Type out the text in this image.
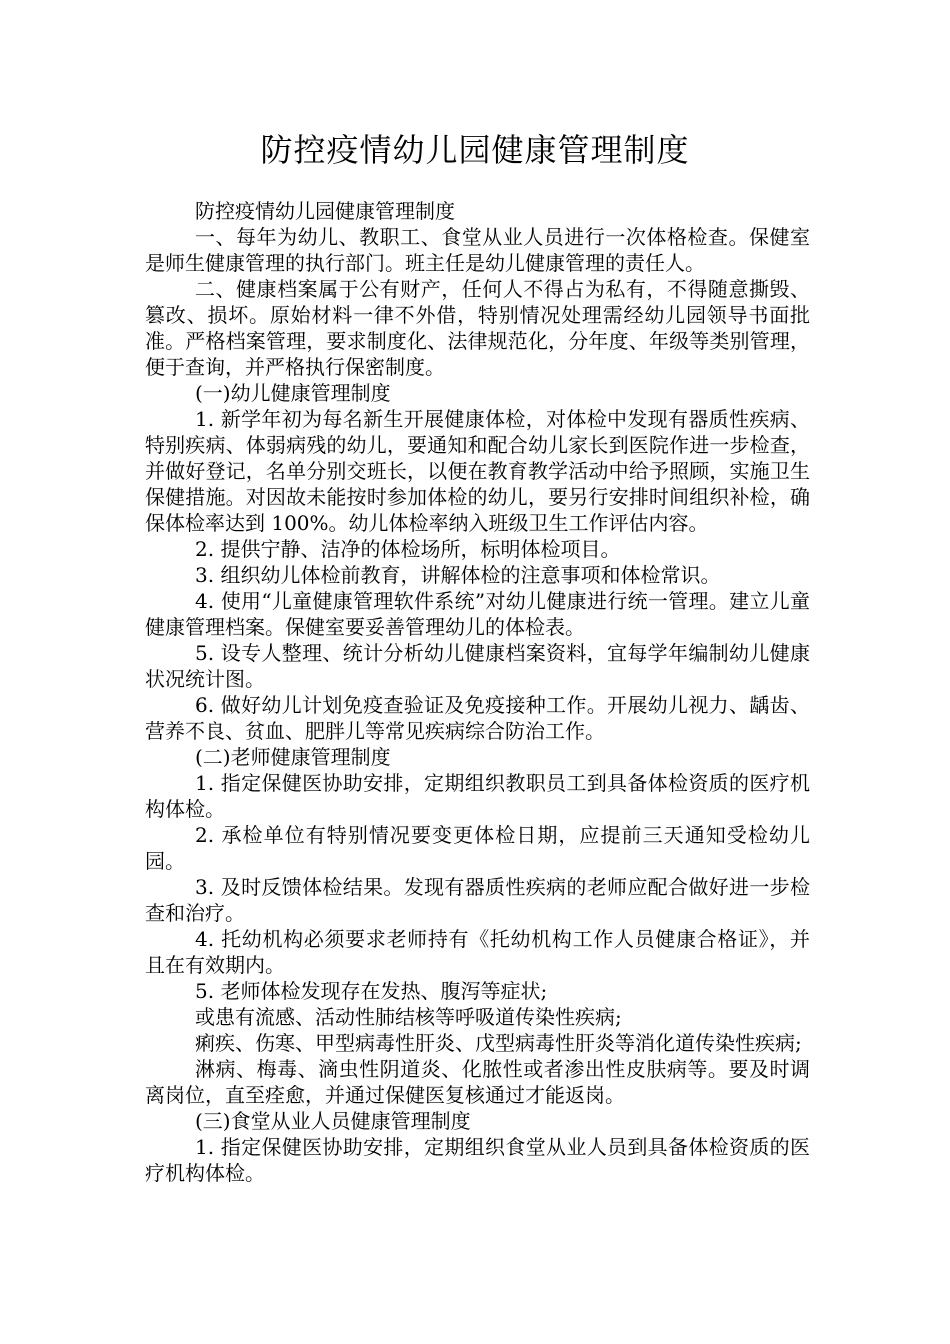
防控疫情幼儿园健康管理制度

防控疫情幼儿园健康管理制度

一、每年为幼儿、教职工、食堂从业人员进行一次体格检查。保健室是师生健康管理的执行部门。班主任是幼儿健康管理的责任人。

二、健康档案属于公有财产，任何人不得占为私有，不得随意撕毁、篡改、损坏。原始材料一律不外借，特别情况处理需经幼儿园领导书面批准。严格档案管理，要求制度化、法律规范化，分年度、年级等类别管理，便于查询，并严格执行保密制度。

(一)幼儿健康管理制度

1. 新学年初为每名新生开展健康体检，对体检中发现有器质性疾病、特别疾病、体弱病残的幼儿，要通知和配合幼儿家长到医院作进一步检查，并做好登记，名单分别交班长，以便在教育教学活动中给予照顾，实施卫生保健措施。对因故未能按时参加体检的幼儿，要另行安排时间组织补检，确保体检率达到 100%。幼儿体检率纳入班级卫生工作评估内容。

2. 提供宁静、洁净的体检场所，标明体检项目。

3. 组织幼儿体检前教育，讲解体检的注意事项和体检常识。

4. 使用“儿童健康管理软件系统”对幼儿健康进行统一管理。建立儿童健康管理档案。保健室要妥善管理幼儿的体检表。

5. 设专人整理、统计分析幼儿健康档案资料，宜每学年编制幼儿健康状况统计图。

6. 做好幼儿计划免疫查验证及免疫接种工作。开展幼儿视力、龋齿、营养不良、贫血、肥胖儿等常见疾病综合防治工作。

(二)老师健康管理制度

1. 指定保健医协助安排，定期组织教职员工到具备体检资质的医疗机构体检。

2. 承检单位有特别情况要变更体检日期，应提前三天通知受检幼儿园。

3. 及时反馈体检结果。发现有器质性疾病的老师应配合做好进一步检查和治疗。

4. 托幼机构必须要求老师持有《托幼机构工作人员健康合格证》，并且在有效期内。

5. 老师体检发现存在发热、腹泻等症状;

或患有流感、活动性肺结核等呼吸道传染性疾病;

痢疾、伤寒、甲型病毒性肝炎、戊型病毒性肝炎等消化道传染性疾病;

淋病、梅毒、滴虫性阴道炎、化脓性或者渗出性皮肤病等。要及时调离岗位，直至痊愈，并通过保健医复核通过才能返岗。

(三)食堂从业人员健康管理制度

1. 指定保健医协助安排，定期组织食堂从业人员到具备体检资质的医疗机构体检。
